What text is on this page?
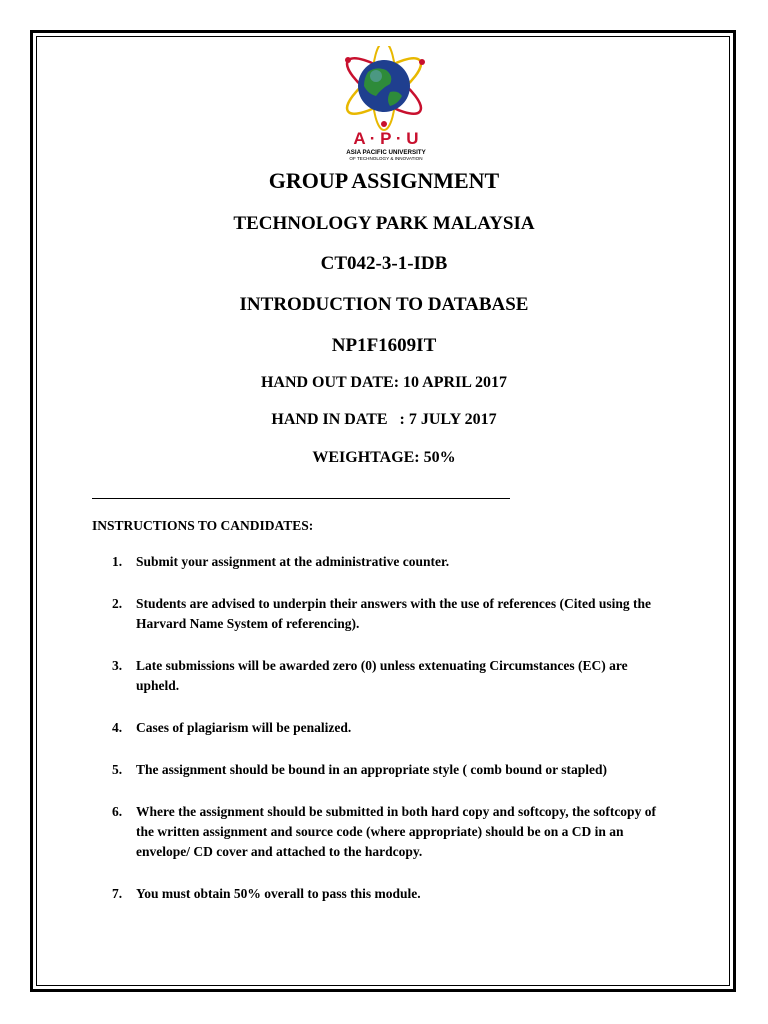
A · P · U
ASIA PACIFIC UNIVERSITY
OF TECHNOLOGY & INNOVATION
GROUP ASSIGNMENT
TECHNOLOGY PARK MALAYSIA
CT042-3-1-IDB
INTRODUCTION TO DATABASE
NP1F1609IT
HAND OUT DATE: 10 APRIL 2017
HAND IN DATE   : 7 JULY 2017
WEIGHTAGE: 50%
INSTRUCTIONS TO CANDIDATES:
1. Submit your assignment at the administrative counter.
2. Students are advised to underpin their answers with the use of references (Cited using the Harvard Name System of referencing).
3. Late submissions will be awarded zero (0) unless extenuating Circumstances (EC) are upheld.
4. Cases of plagiarism will be penalized.
5. The assignment should be bound in an appropriate style ( comb bound or stapled)
6. Where the assignment should be submitted in both hard copy and softcopy, the softcopy of the written assignment and source code (where appropriate) should be on a CD in an envelope/ CD cover and attached to the hardcopy.
7. You must obtain 50% overall to pass this module.
